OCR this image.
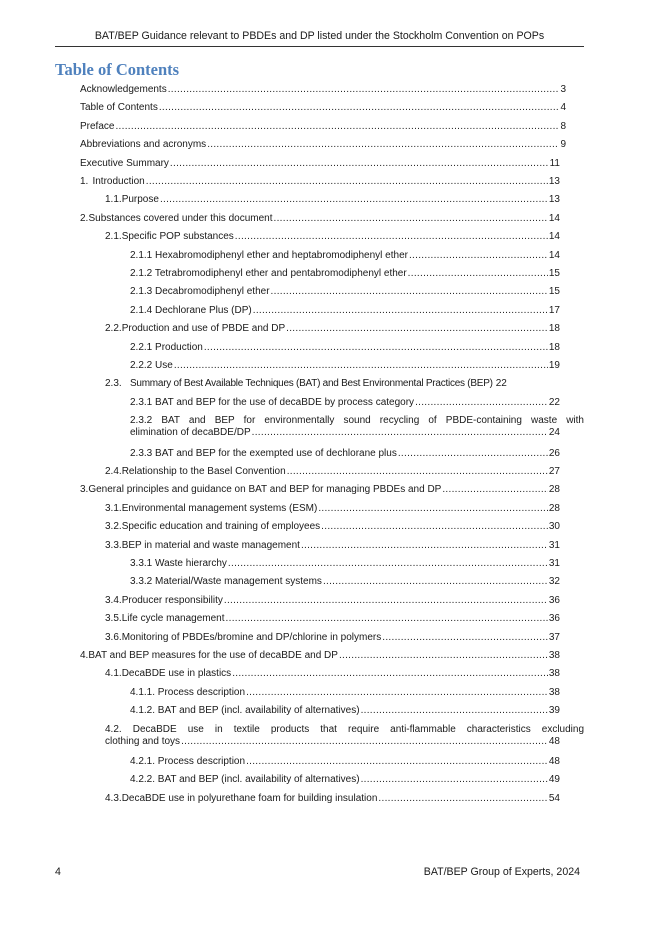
BAT/BEP Guidance relevant to PBDEs and DP listed under the Stockholm Convention on POPs
Table of Contents
Acknowledgements .....	3
Table of Contents .....	4
Preface .....	8
Abbreviations and acronyms .....	9
Executive Summary .....	11
1. Introduction .....	13
1.1. Purpose .....	13
2. Substances covered under this document .....	14
2.1. Specific POP substances .....	14
2.1.1 Hexabromodiphenyl ether and heptabromodiphenyl ether .....	14
2.1.2 Tetrabromodiphenyl ether and pentabromodiphenyl ether .....	15
2.1.3 Decabromodiphenyl ether .....	15
2.1.4 Dechlorane Plus (DP) .....	17
2.2. Production and use of PBDE and DP .....	18
2.2.1 Production .....	18
2.2.2 Use .....	19
2.3. Summary of Best Available Techniques (BAT) and Best Environmental Practices (BEP) 22
2.3.1 BAT and BEP for the use of decaBDE by process category .....	22
2.3.2 BAT and BEP for environmentally sound recycling of PBDE-containing waste with
elimination of decaBDE/DP .....	24
2.3.3 BAT and BEP for the exempted use of dechlorane plus .....	26
2.4. Relationship to the Basel Convention .....	27
3. General principles and guidance on BAT and BEP for managing PBDEs and DP .....	28
3.1. Environmental management systems (ESM) .....	28
3.2. Specific education and training of employees .....	30
3.3. BEP in material and waste management .....	31
3.3.1 Waste hierarchy .....	31
3.3.2 Material/Waste management systems .....	32
3.4. Producer responsibility .....	36
3.5. Life cycle management .....	36
3.6. Monitoring of PBDEs/bromine and DP/chlorine in polymers .....	37
4. BAT and BEP measures for the use of decaBDE and DP .....	38
4.1. DecaBDE use in plastics .....	38
4.1.1. Process description .....	38
4.1.2. BAT and BEP (incl. availability of alternatives) .....	39
4.2. DecaBDE use in textile products that require anti-flammable characteristics excluding
clothing and toys .....	48
4.2.1. Process description .....	48
4.2.2. BAT and BEP (incl. availability of alternatives) .....	49
4.3. DecaBDE use in polyurethane foam for building insulation .....	54
4	BAT/BEP Group of Experts, 2024
